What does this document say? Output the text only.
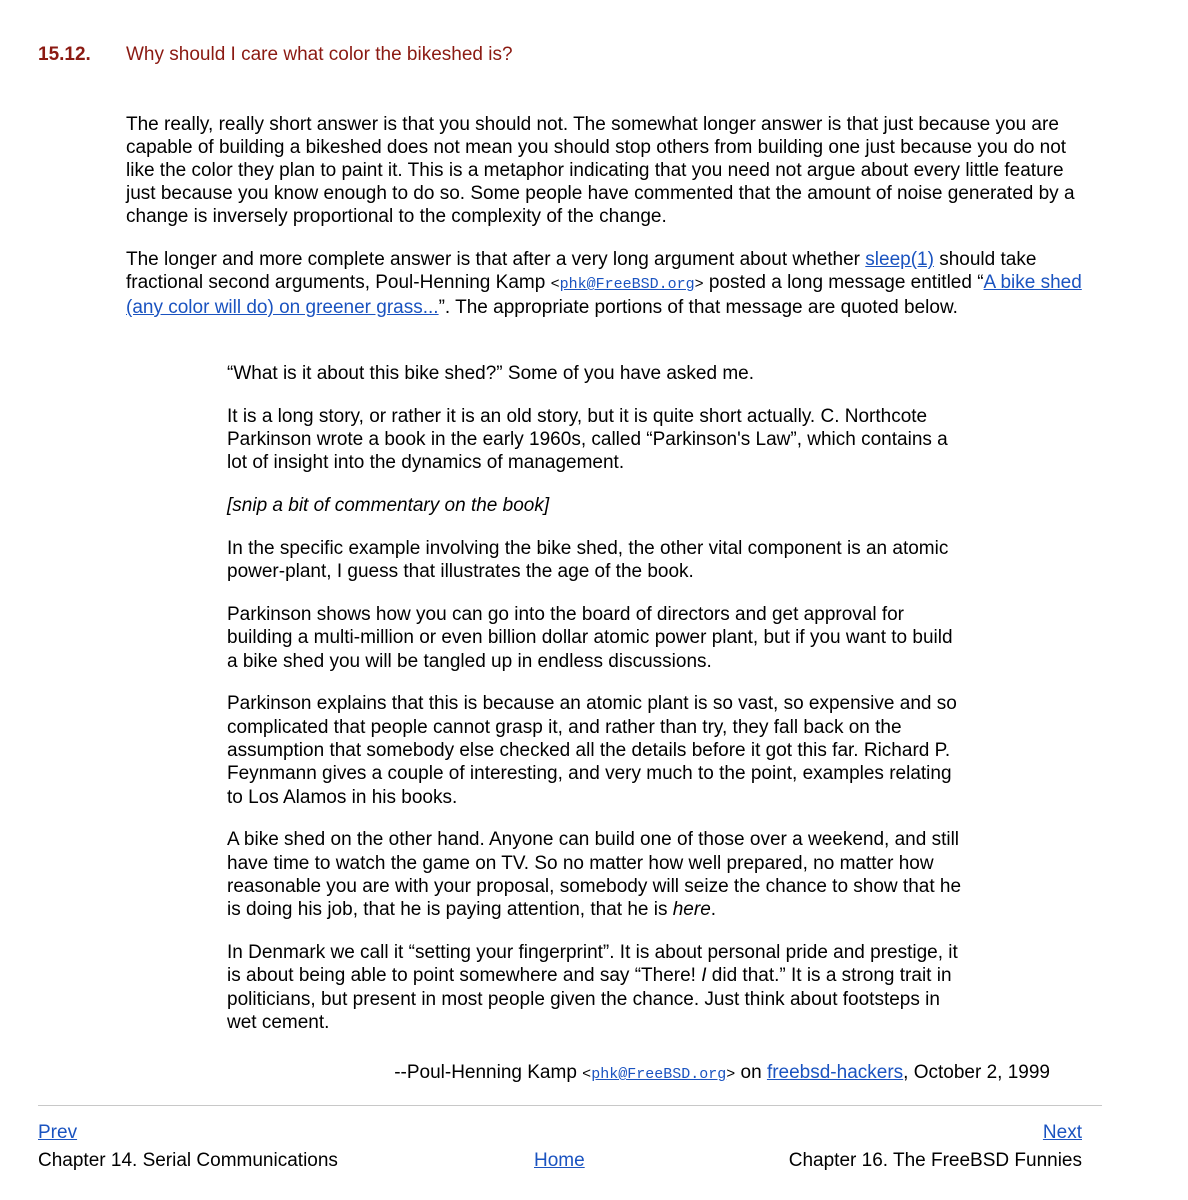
15.12. Why should I care what color the bikeshed is?

The really, really short answer is that you should not. The somewhat longer answer is that just because you are capable of building a bikeshed does not mean you should stop others from building one just because you do not like the color they plan to paint it. This is a metaphor indicating that you need not argue about every little feature just because you know enough to do so. Some people have commented that the amount of noise generated by a change is inversely proportional to the complexity of the change.

The longer and more complete answer is that after a very long argument about whether sleep(1) should take fractional second arguments, Poul-Henning Kamp <phk@FreeBSD.org> posted a long message entitled “A bike shed (any color will do) on greener grass...”. The appropriate portions of that message are quoted below.

“What is it about this bike shed?” Some of you have asked me.

It is a long story, or rather it is an old story, but it is quite short actually. C. Northcote Parkinson wrote a book in the early 1960s, called “Parkinson's Law”, which contains a lot of insight into the dynamics of management.

[snip a bit of commentary on the book]

In the specific example involving the bike shed, the other vital component is an atomic power-plant, I guess that illustrates the age of the book.

Parkinson shows how you can go into the board of directors and get approval for building a multi-million or even billion dollar atomic power plant, but if you want to build a bike shed you will be tangled up in endless discussions.

Parkinson explains that this is because an atomic plant is so vast, so expensive and so complicated that people cannot grasp it, and rather than try, they fall back on the assumption that somebody else checked all the details before it got this far. Richard P. Feynmann gives a couple of interesting, and very much to the point, examples relating to Los Alamos in his books.

A bike shed on the other hand. Anyone can build one of those over a weekend, and still have time to watch the game on TV. So no matter how well prepared, no matter how reasonable you are with your proposal, somebody will seize the chance to show that he is doing his job, that he is paying attention, that he is here.

In Denmark we call it “setting your fingerprint”. It is about personal pride and prestige, it is about being able to point somewhere and say “There! I did that.” It is a strong trait in politicians, but present in most people given the chance. Just think about footsteps in wet cement.

--Poul-Henning Kamp <phk@FreeBSD.org> on freebsd-hackers, October 2, 1999
Prev	Next
Chapter 14. Serial Communications	Home	Chapter 16. The FreeBSD Funnies
